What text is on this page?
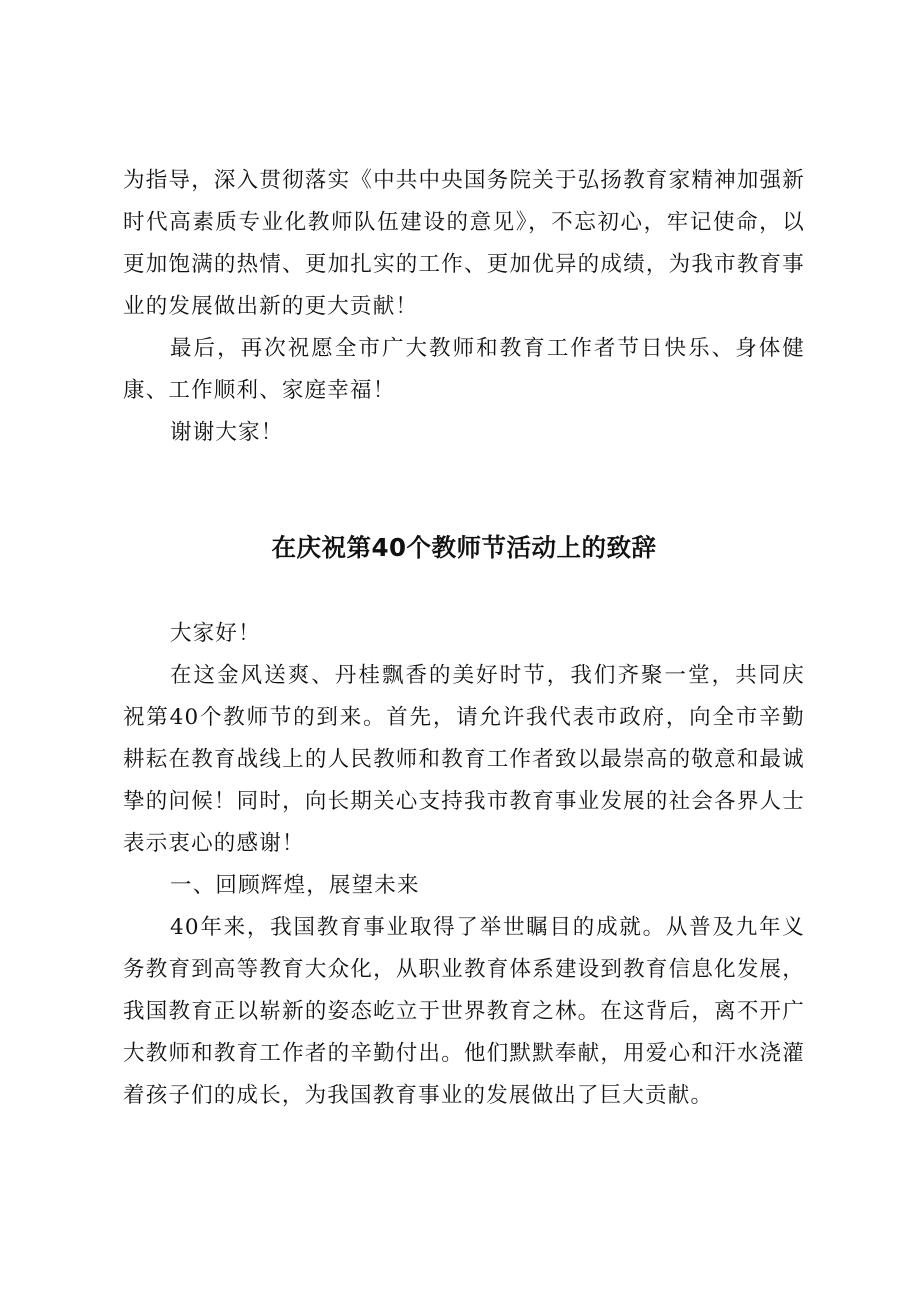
为指导，深入贯彻落实《中共中央国务院关于弘扬教育家精神加强新时代高素质专业化教师队伍建设的意见》，不忘初心，牢记使命，以更加饱满的热情、更加扎实的工作、更加优异的成绩，为我市教育事业的发展做出新的更大贡献！

最后，再次祝愿全市广大教师和教育工作者节日快乐、身体健康、工作顺利、家庭幸福！

谢谢大家！

在庆祝第40个教师节活动上的致辞

大家好！

在这金风送爽、丹桂飘香的美好时节，我们齐聚一堂，共同庆祝第40个教师节的到来。首先，请允许我代表市政府，向全市辛勤耕耘在教育战线上的人民教师和教育工作者致以最崇高的敬意和最诚挚的问候！同时，向长期关心支持我市教育事业发展的社会各界人士表示衷心的感谢！

一、回顾辉煌，展望未来

40年来，我国教育事业取得了举世瞩目的成就。从普及九年义务教育到高等教育大众化，从职业教育体系建设到教育信息化发展，我国教育正以崭新的姿态屹立于世界教育之林。在这背后，离不开广大教师和教育工作者的辛勤付出。他们默默奉献，用爱心和汗水浇灌着孩子们的成长，为我国教育事业的发展做出了巨大贡献。
